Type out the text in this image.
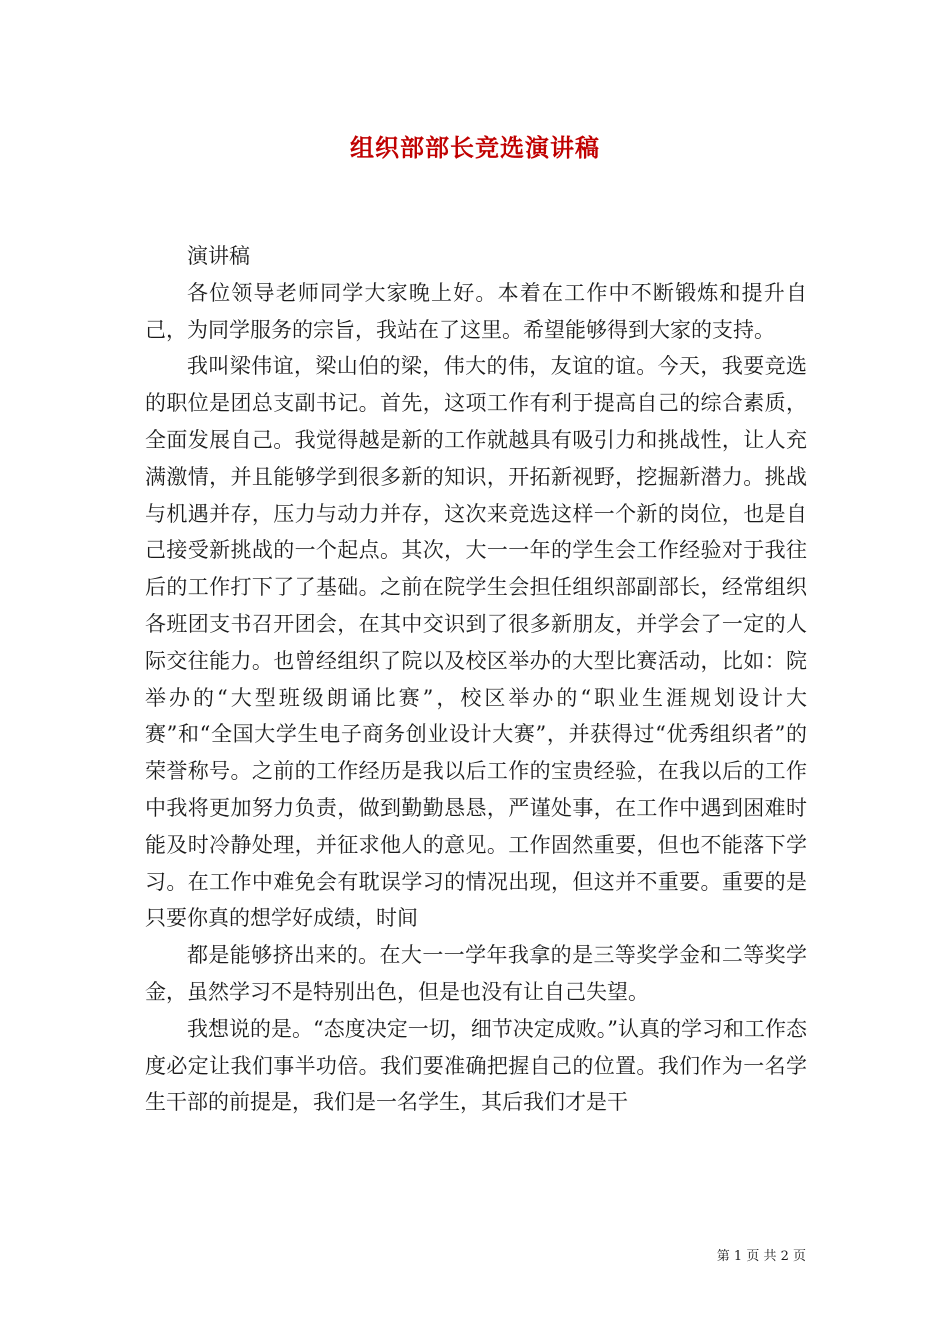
组织部部长竞选演讲稿

演讲稿

各位领导老师同学大家晚上好。本着在工作中不断锻炼和提升自己，为同学服务的宗旨，我站在了这里。希望能够得到大家的支持。

我叫梁伟谊，梁山伯的梁，伟大的伟，友谊的谊。今天，我要竞选的职位是团总支副书记。首先，这项工作有利于提高自己的综合素质，全面发展自己。我觉得越是新的工作就越具有吸引力和挑战性，让人充满激情，并且能够学到很多新的知识，开拓新视野，挖掘新潜力。挑战与机遇并存，压力与动力并存，这次来竞选这样一个新的岗位，也是自己接受新挑战的一个起点。其次，大一一年的学生会工作经验对于我往后的工作打下了了基础。之前在院学生会担任组织部副部长，经常组织各班团支书召开团会，在其中交识到了很多新朋友，并学会了一定的人际交往能力。也曾经组织了院以及校区举办的大型比赛活动，比如：院举办的“大型班级朗诵比赛”，校区举办的“职业生涯规划设计大赛”和“全国大学生电子商务创业设计大赛”，并获得过“优秀组织者”的荣誉称号。之前的工作经历是我以后工作的宝贵经验，在我以后的工作中我将更加努力负责，做到勤勤恳恳，严谨处事，在工作中遇到困难时能及时冷静处理，并征求他人的意见。工作固然重要，但也不能落下学习。在工作中难免会有耽误学习的情况出现，但这并不重要。重要的是只要你真的想学好成绩，时间

都是能够挤出来的。在大一一学年我拿的是三等奖学金和二等奖学金，虽然学习不是特别出色，但是也没有让自己失望。

我想说的是。“态度决定一切，细节决定成败。”认真的学习和工作态度必定让我们事半功倍。我们要准确把握自己的位置。我们作为一名学生干部的前提是，我们是一名学生，其后我们才是干

第 1 页 共 2 页
